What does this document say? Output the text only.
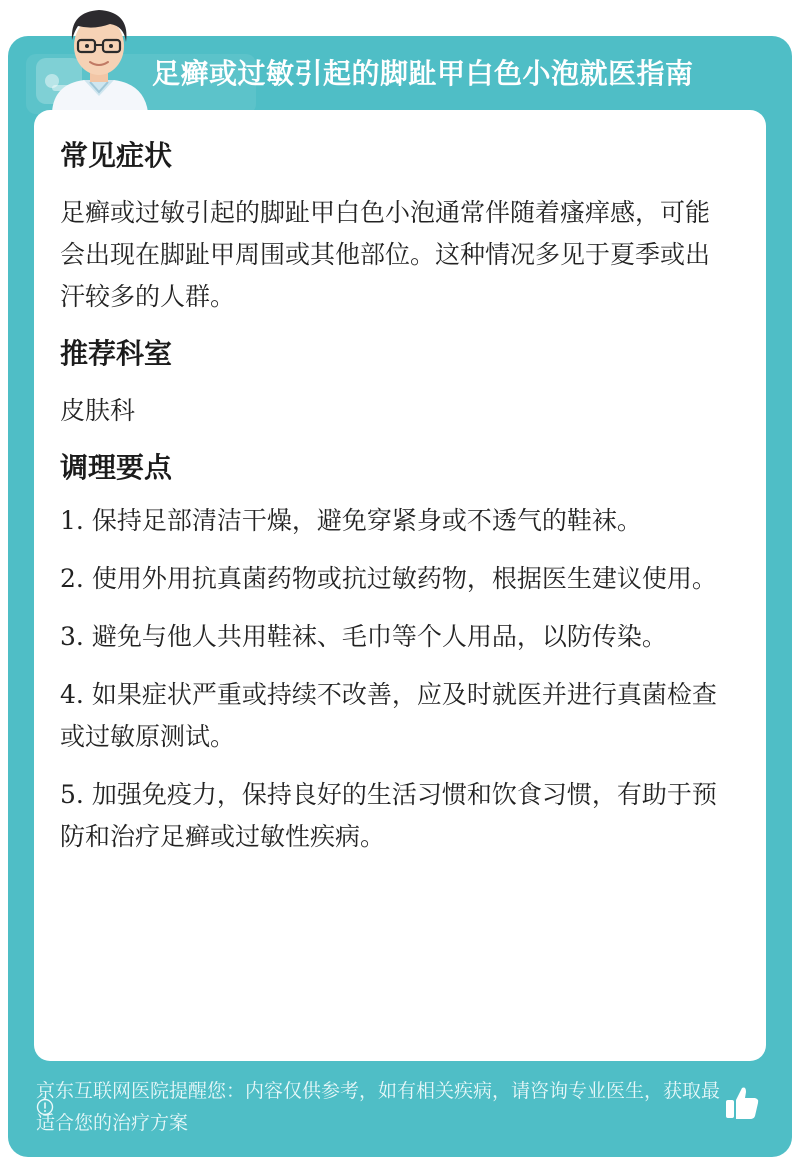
足癣或过敏引起的脚趾甲白色小泡就医指南
常见症状
足癣或过敏引起的脚趾甲白色小泡通常伴随着瘙痒感，可能会出现在脚趾甲周围或其他部位。这种情况多见于夏季或出汗较多的人群。
推荐科室
皮肤科
调理要点
1. 保持足部清洁干燥，避免穿紧身或不透气的鞋袜。
2. 使用外用抗真菌药物或抗过敏药物，根据医生建议使用。
3. 避免与他人共用鞋袜、毛巾等个人用品，以防传染。
4. 如果症状严重或持续不改善，应及时就医并进行真菌检查或过敏原测试。
5. 加强免疫力，保持良好的生活习惯和饮食习惯，有助于预防和治疗足癣或过敏性疾病。
京东互联网医院提醒您：内容仅供参考，如有相关疾病，请咨询专业医生，获取最适合您的治疗方案
